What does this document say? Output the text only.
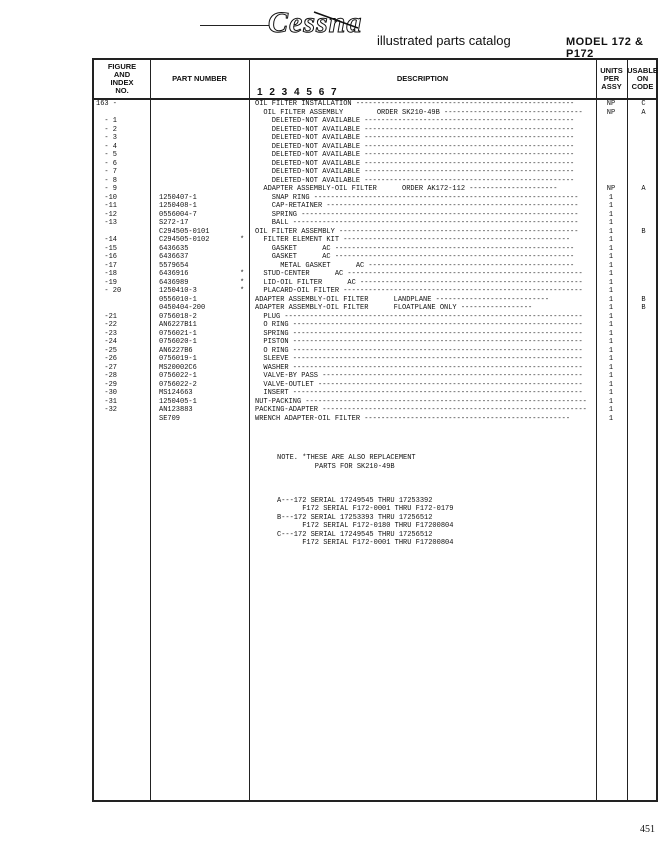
Cessna
illustrated parts catalog	MODEL 172 & P172
FIGURE
AND
INDEX
NO.
PART NUMBER	DESCRIPTION
UNITS
PER
ASSY
USABLE
ON
CODE
1 2 3 4 5 6 7
163 -	OIL FILTER INSTALLATION ----------------------------------------------------	NP	C
OIL FILTER ASSEMBLY        ORDER SK210-49B ---------------------------------	NP	A
- 1	DELETED-NOT AVAILABLE --------------------------------------------------
- 2	DELETED-NOT AVAILABLE --------------------------------------------------
- 3	DELETED-NOT AVAILABLE --------------------------------------------------
- 4	DELETED-NOT AVAILABLE --------------------------------------------------
- 5	DELETED-NOT AVAILABLE --------------------------------------------------
- 6	DELETED-NOT AVAILABLE --------------------------------------------------
- 7	DELETED-NOT AVAILABLE --------------------------------------------------
- 8	DELETED-NOT AVAILABLE --------------------------------------------------
- 9	ADAPTER ASSEMBLY-OIL FILTER      ORDER AK172-112 ---------------------	NP	A
-10	1250407-1	SNAP RING ---------------------------------------------------------------	1
-11	1250408-1	CAP-RETAINER ------------------------------------------------------------	1
-12	0556004-7	SPRING ------------------------------------------------------------------	1
-13	S272-17	BALL --------------------------------------------------------------------	1
C294505-0101	OIL FILTER ASSEMBLY ---------------------------------------------------------	1	B
-14	C294505-0102	* FILTER ELEMENT KIT ------------------------------------------------------	1
-15	6436635	GASKET      AC ---------------------------------------------------------	1
-16	6436637	GASKET      AC ---------------------------------------------------------	1
-17	5579654	METAL GASKET      AC -------------------------------------------------	1
-18	6436916	* STUD-CENTER      AC --------------------------------------------------------	1
-19	6436989	* LID-OIL FILTER      AC -----------------------------------------------------	1
- 20	1250410-3	* PLACARD-OIL FILTER ---------------------------------------------------------	1
0556010-1	ADAPTER ASSEMBLY-OIL FILTER      LANDPLANE ---------------------------	1	B
0450404-200	ADAPTER ASSEMBLY-OIL FILTER      FLOATPLANE ONLY -----------------	1	B
-21	0756018-2	PLUG -----------------------------------------------------------------------	1
-22	AN6227B11	O RING ---------------------------------------------------------------------	1
-23	0756021-1	SPRING ---------------------------------------------------------------------	1
-24	0756020-1	PISTON ---------------------------------------------------------------------	1
-25	AN6227B6	O RING ---------------------------------------------------------------------	1
-26	0756019-1	SLEEVE ---------------------------------------------------------------------	1
-27	MS20002C6	WASHER ---------------------------------------------------------------------	1
-28	0756022-1	VALVE-BY PASS --------------------------------------------------------------	1
-29	0756022-2	VALVE-OUTLET ---------------------------------------------------------------	1
-30	MS124663	INSERT ---------------------------------------------------------------------	1
-31	1250405-1	NUT-PACKING -------------------------------------------------------------------	1
-32	AN123883	PACKING-ADAPTER ---------------------------------------------------------------	1
SE709	WRENCH ADAPTER-OIL FILTER -------------------------------------------------	1
NOTE. *THESE ARE ALSO REPLACEMENT
PARTS FOR SK210-49B
A---172 SERIAL 17249545 THRU 17253392
F172 SERIAL F172-0001 THRU F172-0179
B---172 SERIAL 17253393 THRU 17256512
F172 SERIAL F172-0180 THRU F17200804
C---172 SERIAL 17249545 THRU 17256512
F172 SERIAL F172-0001 THRU F17200804
451
